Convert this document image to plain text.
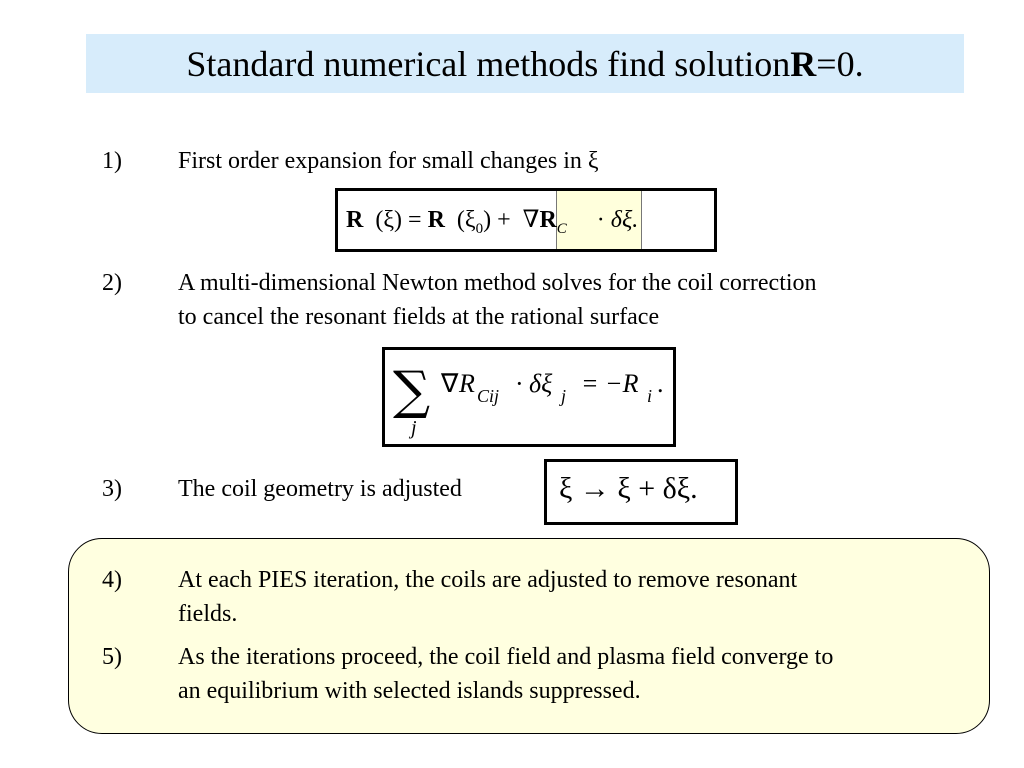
Standard numerical methods find solution R =0.
1) First order expansion for small changes in ξ
R (ξ) = R $(\xi_0) + \nabla R_C \cdot \delta\xi$.
2) A multi-dimensional Newton method solves for the coil correction
to cancel the resonant fields at the rational surface
∑
j
∇ R Cij · δξ j = −R i .
3) The coil geometry is adjusted	ξ → ξ + δξ.
4) At each PIES iteration, the coils are adjusted to remove resonant
fields.
5) As the iterations proceed, the coil field and plasma field converge to
an equilibrium with selected islands suppressed.
